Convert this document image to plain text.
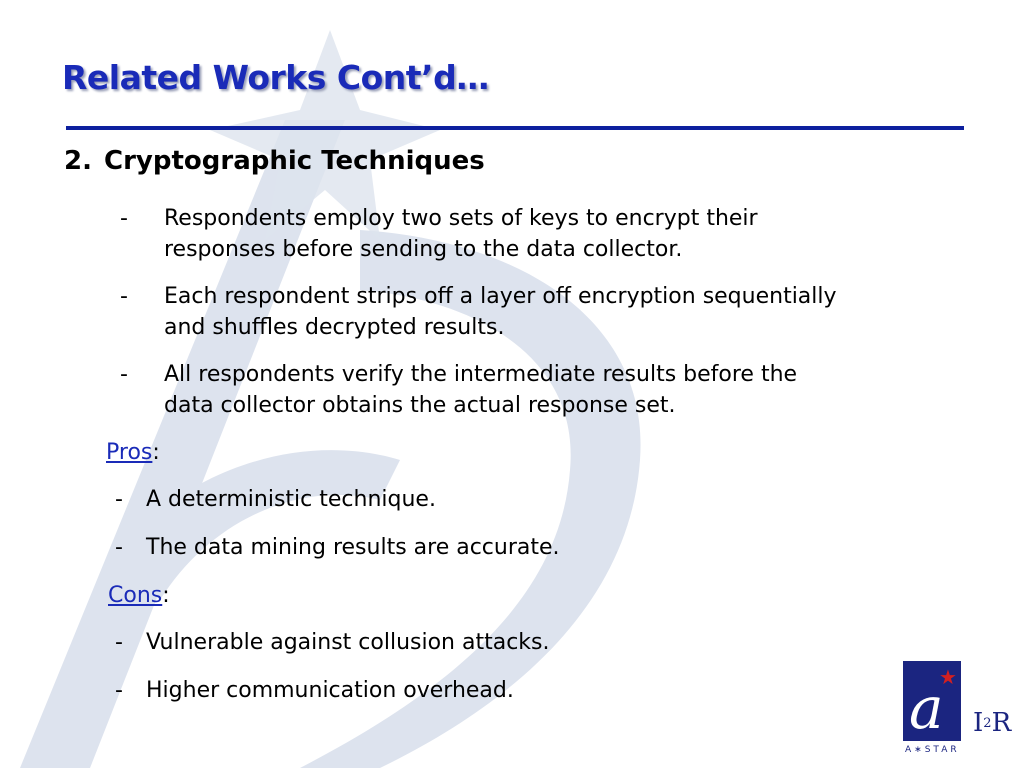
Related Works Cont’d…
2. Cryptographic Techniques
-	Respondents employ two sets of keys to encrypt their
responses before sending to the data collector.
-	Each respondent strips off a layer off encryption sequentially
and shuffles decrypted results.
-	All respondents verify the intermediate results before the
data collector obtains the actual response set.
Pros:
-	A deterministic technique.
-	The data mining results are accurate.
Cons:
-	Vulnerable against collusion attacks.
-	Higher communication overhead.	a
★
$I^2R$
A∗STAR
